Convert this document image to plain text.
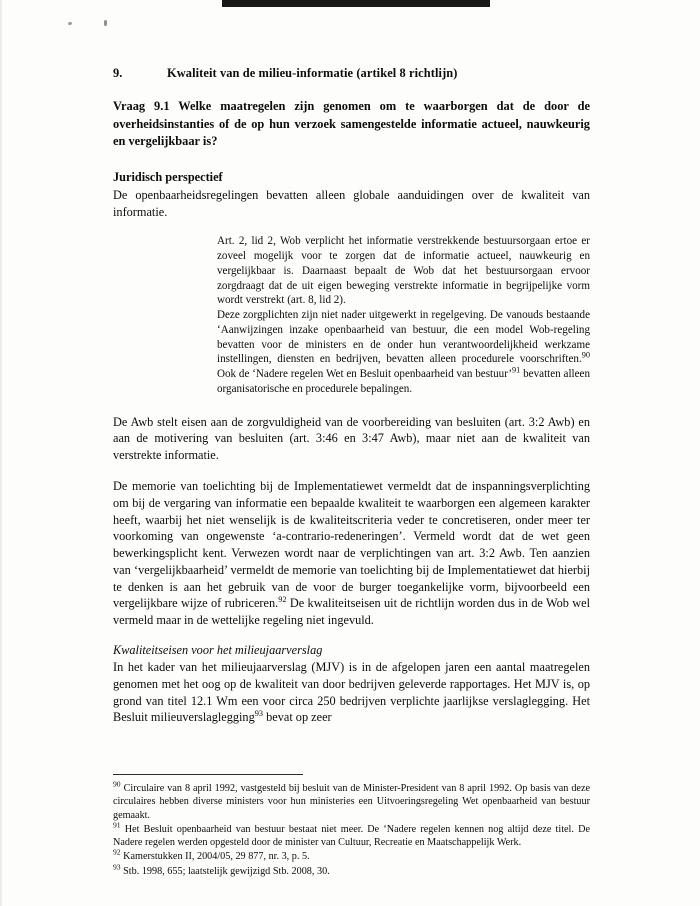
9.	Kwaliteit van de milieu-informatie (artikel 8 richtlijn)
Vraag 9.1 Welke maatregelen zijn genomen om te waarborgen dat de door de overheidsinstanties of de op hun verzoek samengestelde informatie actueel, nauwkeurig en vergelijkbaar is?
Juridisch perspectief

De openbaarheidsregelingen bevatten alleen globale aanduidingen over de kwaliteit van informatie.

Art. 2, lid 2, Wob verplicht het informatie verstrekkende bestuursorgaan ertoe er zoveel mogelijk voor te zorgen dat de informatie actueel, nauwkeurig en vergelijkbaar is. Daarnaast bepaalt de Wob dat het bestuursorgaan ervoor zorgdraagt dat de uit eigen beweging verstrekte informatie in begrijpelijke vorm wordt verstrekt (art. 8, lid 2).

Deze zorgplichten zijn niet nader uitgewerkt in regelgeving. De vanouds bestaande ‘Aanwijzingen inzake openbaarheid van bestuur, die een model Wob-regeling bevatten voor de ministers en de onder hun verantwoordelijkheid werkzame instellingen, diensten en bedrijven, bevatten alleen procedurele voorschriften.$^{90}$ Ook de ‘Nadere regelen Wet en Besluit openbaarheid van bestuur’$^{91}$ bevatten alleen organisatorische en procedurele bepalingen.

De Awb stelt eisen aan de zorgvuldigheid van de voorbereiding van besluiten (art. 3:2 Awb) en aan de motivering van besluiten (art. 3:46 en 3:47 Awb), maar niet aan de kwaliteit van verstrekte informatie.

De memorie van toelichting bij de Implementatiewet vermeldt dat de inspanningsverplichting om bij de vergaring van informatie een bepaalde kwaliteit te waarborgen een algemeen karakter heeft, waarbij het niet wenselijk is de kwaliteitscriteria veder te concretiseren, onder meer ter voorkoming van ongewenste ‘a-contrario-redeneringen’. Vermeld wordt dat de wet geen bewerkingsplicht kent. Verwezen wordt naar de verplichtingen van art. 3:2 Awb. Ten aanzien van ‘vergelijkbaarheid’ vermeldt de memorie van toelichting bij de Implementatiewet dat hierbij te denken is aan het gebruik van de voor de burger toegankelijke vorm, bijvoorbeeld een vergelijkbare wijze of rubriceren.$^{92}$ De kwaliteitseisen uit de richtlijn worden dus in de Wob wel vermeld maar in de wettelijke regeling niet ingevuld.

Kwaliteitseisen voor het milieujaarverslag

In het kader van het milieujaarverslag (MJV) is in de afgelopen jaren een aantal maatregelen genomen met het oog op de kwaliteit van door bedrijven geleverde rapportages. Het MJV is, op grond van titel 12.1 Wm een voor circa 250 bedrijven verplichte jaarlijkse verslaglegging. Het Besluit milieuverslaglegging$^{93}$ bevat op zeer

$^{90}$ Circulaire van 8 april 1992, vastgesteld bij besluit van de Minister-President van 8 april 1992. Op basis van deze circulaires hebben diverse ministers voor hun ministeries een Uitvoeringsregeling Wet openbaarheid van bestuur gemaakt.

$^{91}$ Het Besluit openbaarheid van bestuur bestaat niet meer. De ‘Nadere regelen kennen nog altijd deze titel. De Nadere regelen werden opgesteld door de minister van Cultuur, Recreatie en Maatschappelijk Werk.

$^{92}$ Kamerstukken II, 2004/05, 29 877, nr. 3, p. 5.

$^{93}$ Stb. 1998, 655; laatstelijk gewijzigd Stb. 2008, 30.
